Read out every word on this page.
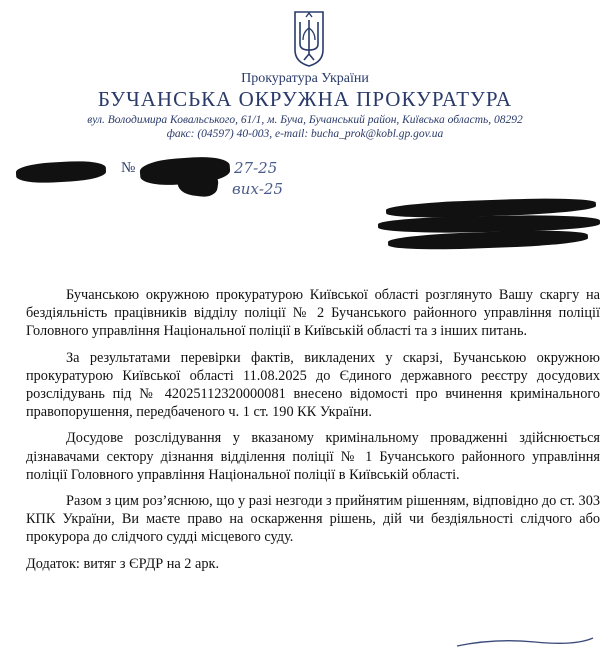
Прокуратура України
БУЧАНСЬКА ОКРУЖНА ПРОКУРАТУРА
вул. Володимира Ковальського, 61/1, м. Буча, Бучанський район, Київська область, 08292
факс: (04597) 40-003, e-mail: bucha_prok@kobl.gp.gov.ua
№	27-25
вих-25

Бучанською окружною прокуратурою Київської області розглянуто Вашу скаргу на бездіяльність працівників відділу поліції № 2 Бучанського районного управління поліції Головного управління Національної поліції в Київській області та з інших питань.

За результатами перевірки фактів, викладених у скарзі, Бучанською окружною прокуратурою Київської області 11.08.2025 до Єдиного державного реєстру досудових розслідувань під № 42025112320000081 внесено відомості про вчинення кримінального правопорушення, передбаченого ч. 1 ст. 190 КК України.

Досудове розслідування у вказаному кримінальному провадженні здійснюється дізнавачами сектору дізнання відділення поліції № 1 Бучанського районного управління поліції Головного управління Національної поліції в Київській області.

Разом з цим роз’яснюю, що у разі незгоди з прийнятим рішенням, відповідно до ст. 303 КПК України, Ви маєте право на оскарження рішень, дій чи бездіяльності слідчого або прокурора до слідчого судді місцевого суду.

Додаток: витяг з ЄРДР на 2 арк.
